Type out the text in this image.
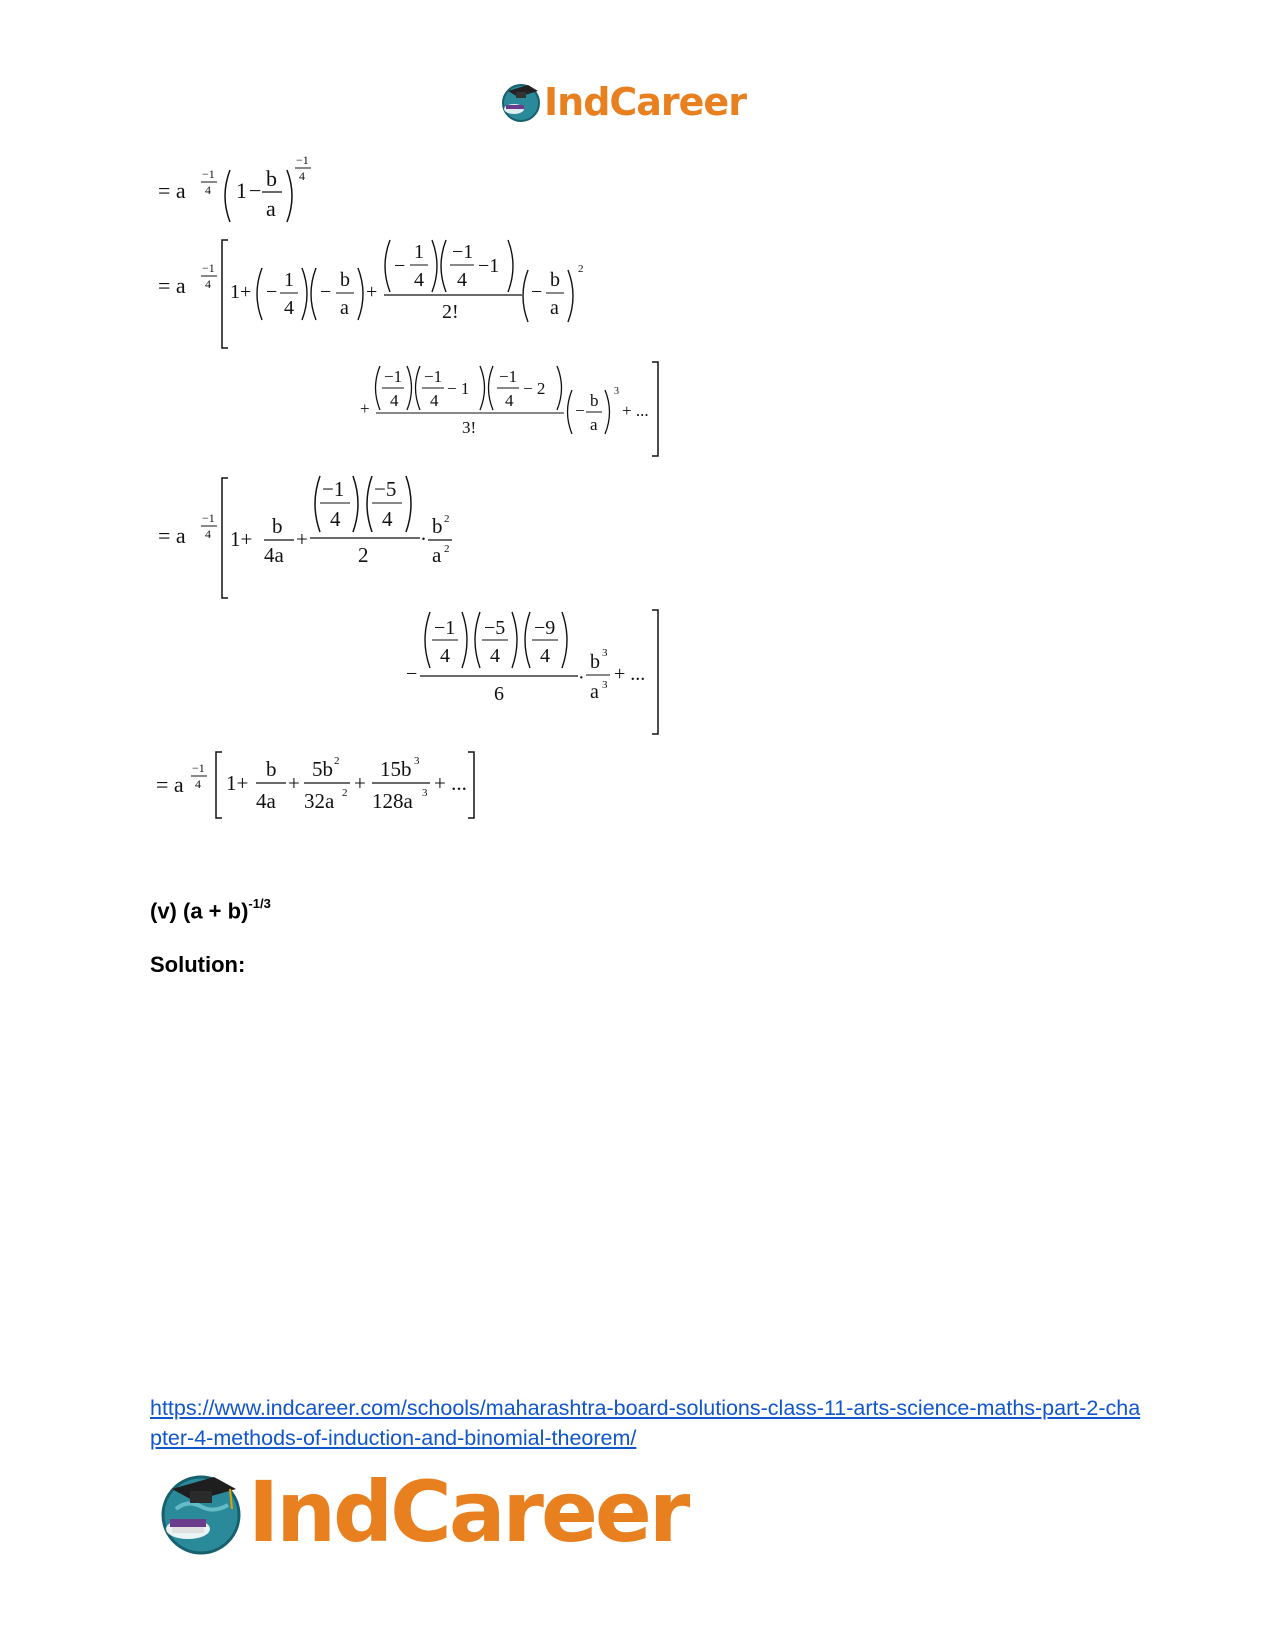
IndCareer
= a
−1
4 1 − b
a
−1
4
= a
−1
4 1+ −
1
4
−
b
a
+
−
1
4
−1
4
−1
2!
−
b
a
2
+
−1
4
−1
4
− 1
−1
4
− 2
3!
−
b
a
3
+ ...
= a
−1
4 1+
b
4a
+
−1
4
−5
4
2
·
b 2
a 2
−
−1
4
−5
4
−9
4
6
·
b 3
a 3 + ...
= a
−1
4 1+
b
4a
+
5b 2
32a 2 +
15b 3
128a 3 + ...
(v) $(a + b)^{-1/3}$
Solution:
https://www.indcareer.com/schools/maharashtra-board-solutions-class-11-arts-science-maths-part-2-chapter-4-methods-of-induction-and-binomial-theorem/
IndCareer
